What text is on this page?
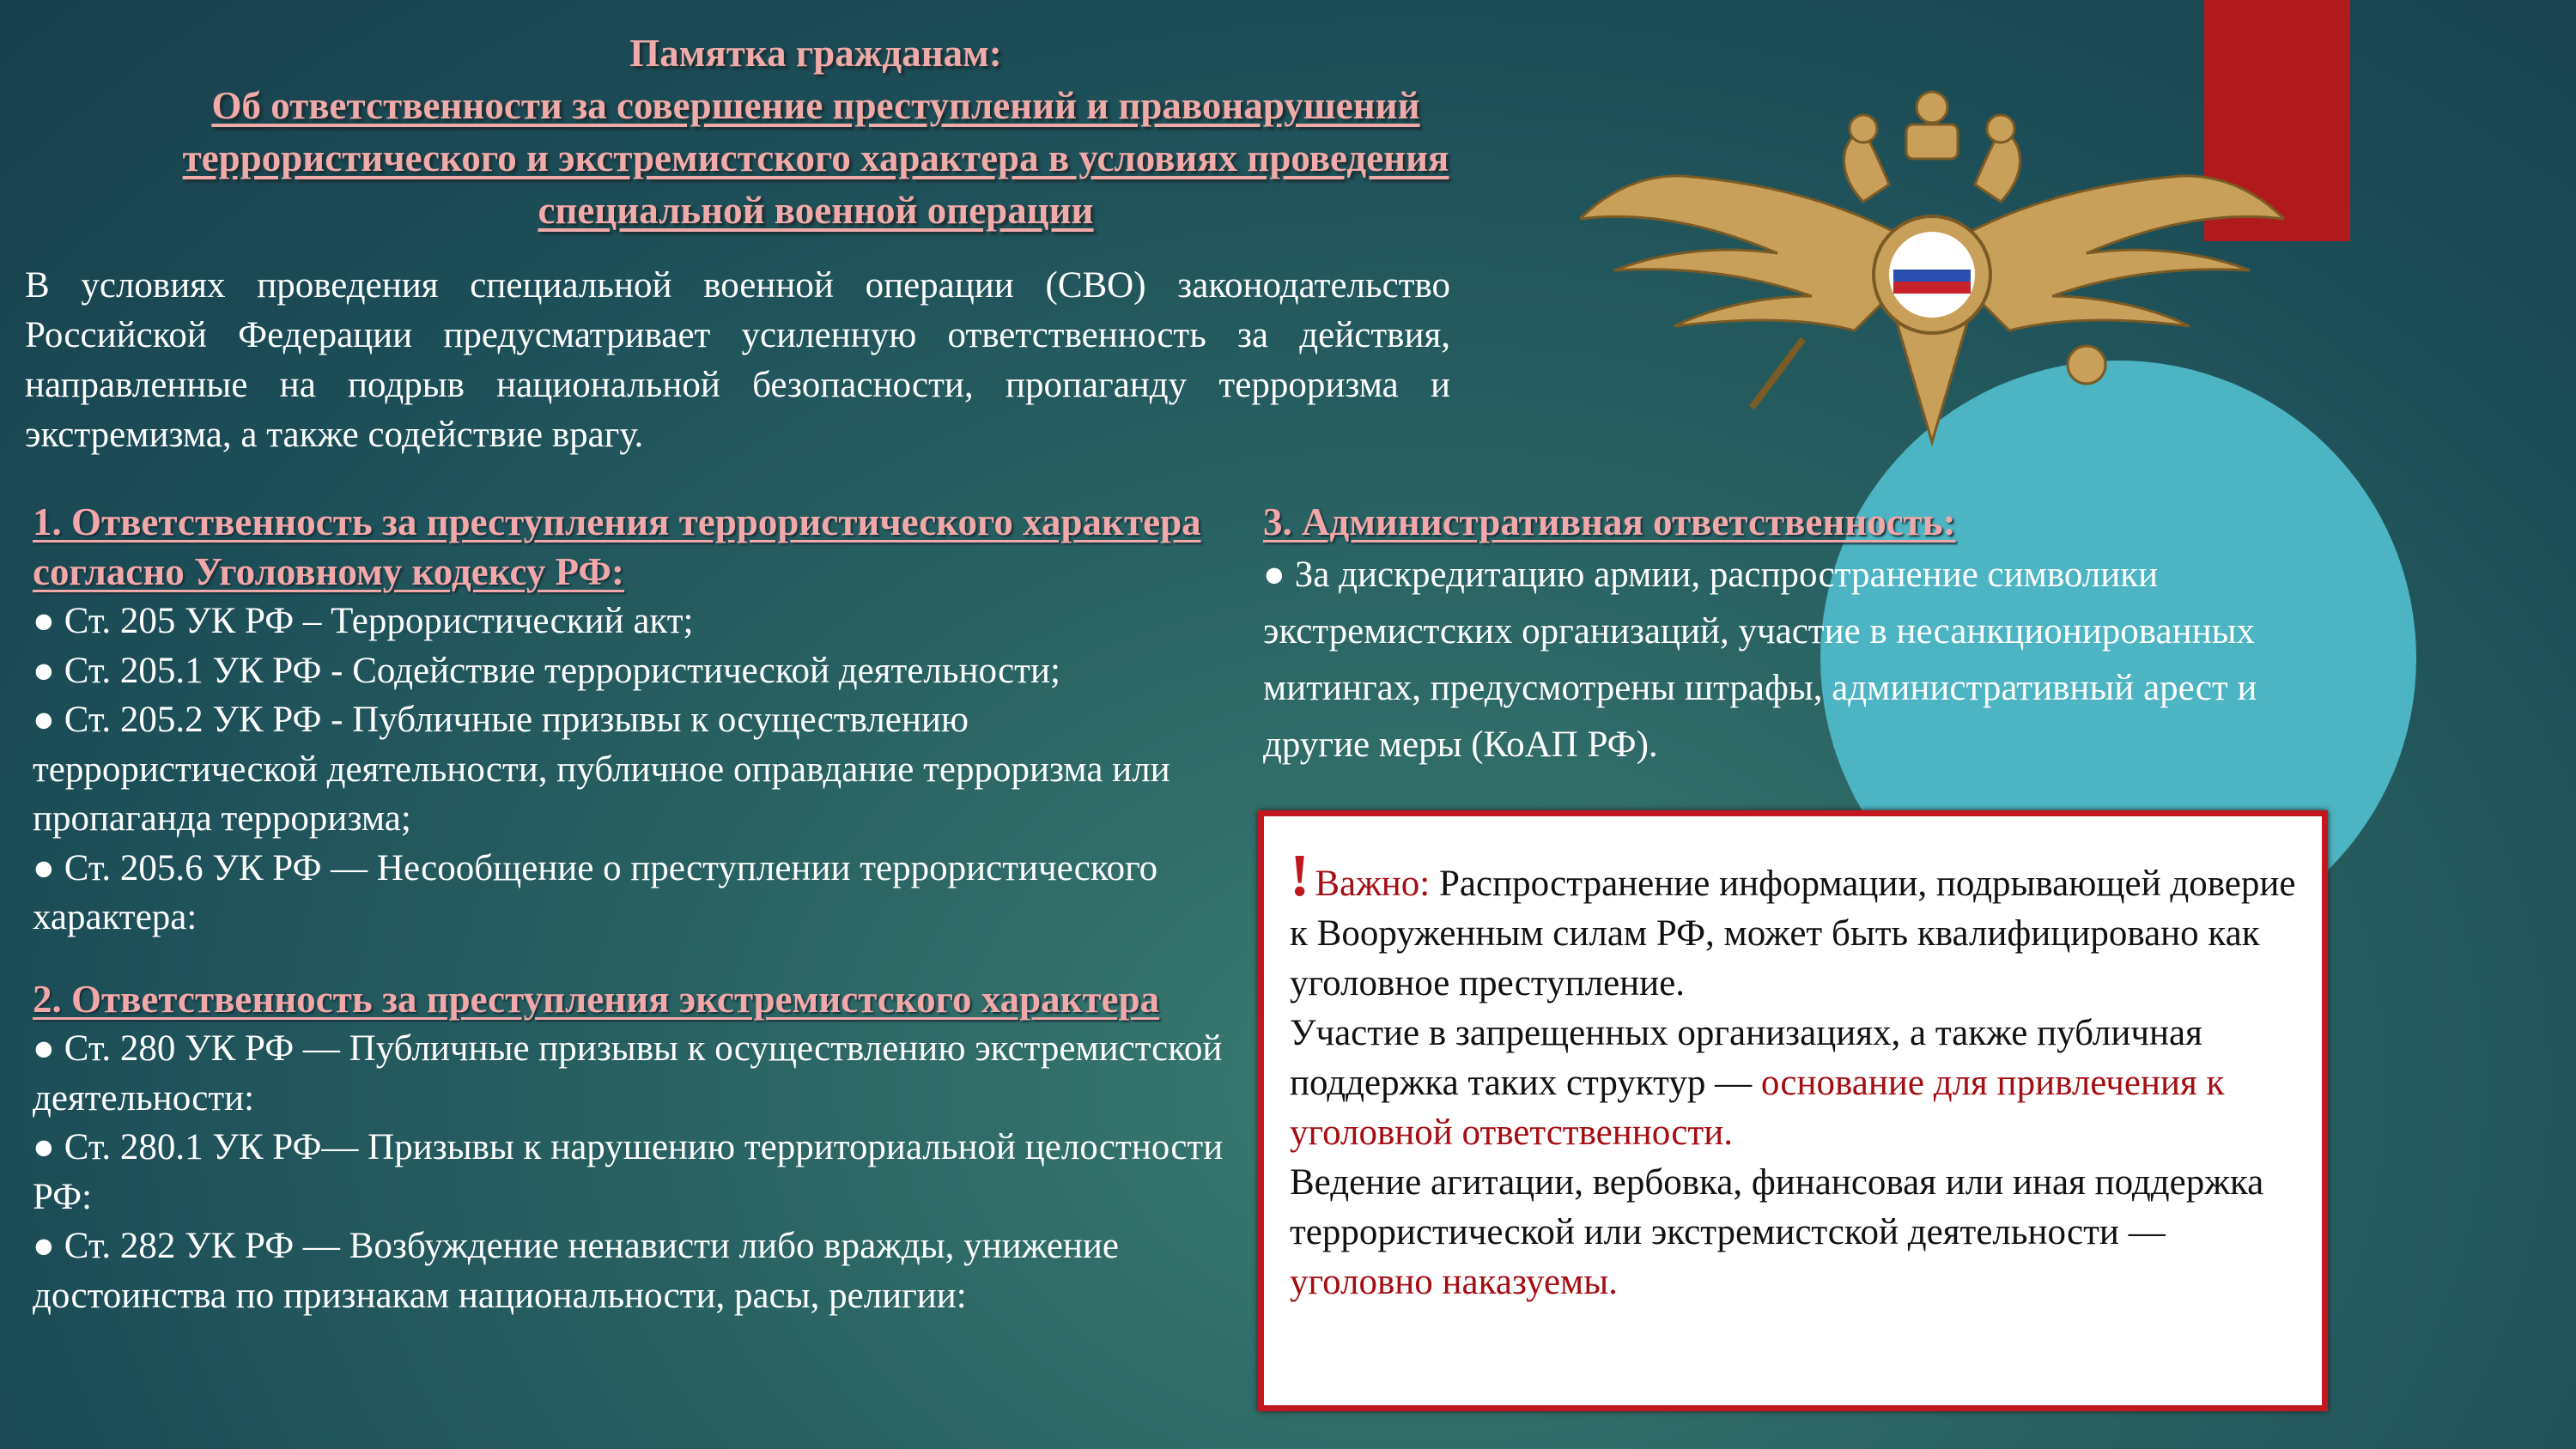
Памятка гражданам:
Об ответственности за совершение преступлений и правонарушений
террористического и экстремистского характера в условиях проведения
специальной военной операции
В условиях проведения специальной военной операции (СВО) законодательство Российской Федерации предусматривает усиленную ответственность за действия, направленные на подрыв национальной безопасности, пропаганду терроризма и экстремизма, а также содействие врагу.
1. Ответственность за преступления террористического характера согласно Уголовному кодексу РФ:
● Ст. 205 УК РФ – Террористический акт;
● Ст. 205.1 УК РФ - Содействие террористической деятельности;
● Ст. 205.2 УК РФ - Публичные призывы к осуществлению террористической деятельности, публичное оправдание терроризма или пропаганда терроризма;
● Ст. 205.6 УК РФ — Несообщение о преступлении террористического характера:
2. Ответственность за преступления экстремистского характера
● Ст. 280 УК РФ — Публичные призывы к осуществлению экстремистской деятельности:
● Ст. 280.1 УК РФ— Призывы к нарушению территориальной целостности РФ:
● Ст. 282 УК РФ — Возбуждение ненависти либо вражды, унижение достоинства по признакам национальности, расы, религии:
3. Административная ответственность:
● За дискредитацию армии, распространение символики экстремистских организаций, участие в несанкционированных митингах, предусмотрены штрафы, административный арест и другие меры (КоАП РФ).
! Важно: Распространение информации, подрывающей доверие к Вооруженным силам РФ, может быть квалифицировано как уголовное преступление.
Участие в запрещенных организациях, а также публичная поддержка таких структур — основание для привлечения к уголовной ответственности.
Ведение агитации, вербовка, финансовая или иная поддержка террористической или экстремистской деятельности — уголовно наказуемы.
